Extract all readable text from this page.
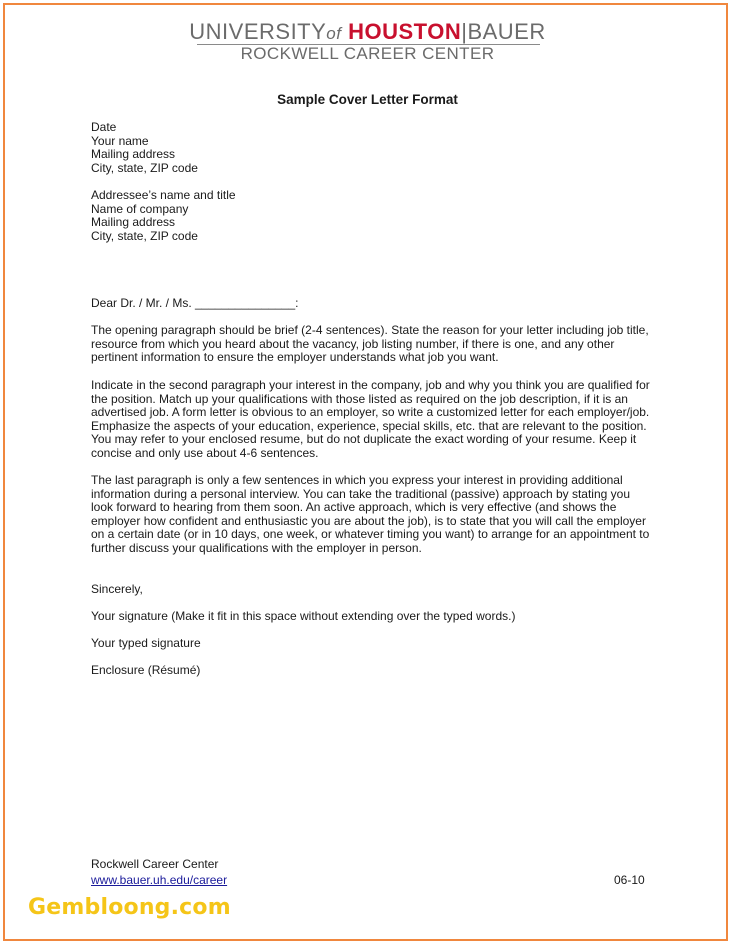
UNIVERSITYof HOUSTON|BAUER
ROCKWELL CAREER CENTER
Sample Cover Letter Format
Date
Your name
Mailing address
City, state, ZIP code
Addressee’s name and title
Name of company
Mailing address
City, state, ZIP code
Dear Dr. / Mr. / Ms. _______________:
The opening paragraph should be brief (2-4 sentences). State the reason for your letter including job title,
resource from which you heard about the vacancy, job listing number, if there is one, and any other
pertinent information to ensure the employer understands what job you want.
Indicate in the second paragraph your interest in the company, job and why you think you are qualified for
the position. Match up your qualifications with those listed as required on the job description, if it is an
advertised job. A form letter is obvious to an employer, so write a customized letter for each employer/job.
Emphasize the aspects of your education, experience, special skills, etc. that are relevant to the position.
You may refer to your enclosed resume, but do not duplicate the exact wording of your resume. Keep it
concise and only use about 4-6 sentences.
The last paragraph is only a few sentences in which you express your interest in providing additional
information during a personal interview. You can take the traditional (passive) approach by stating you
look forward to hearing from them soon. An active approach, which is very effective (and shows the
employer how confident and enthusiastic you are about the job), is to state that you will call the employer
on a certain date (or in 10 days, one week, or whatever timing you want) to arrange for an appointment to
further discuss your qualifications with the employer in person.
Sincerely,
Your signature (Make it fit in this space without extending over the typed words.)
Your typed signature
Enclosure (Résumé)
Rockwell Career Center
www.bauer.uh.edu/career	06-10
Gembloong.com
